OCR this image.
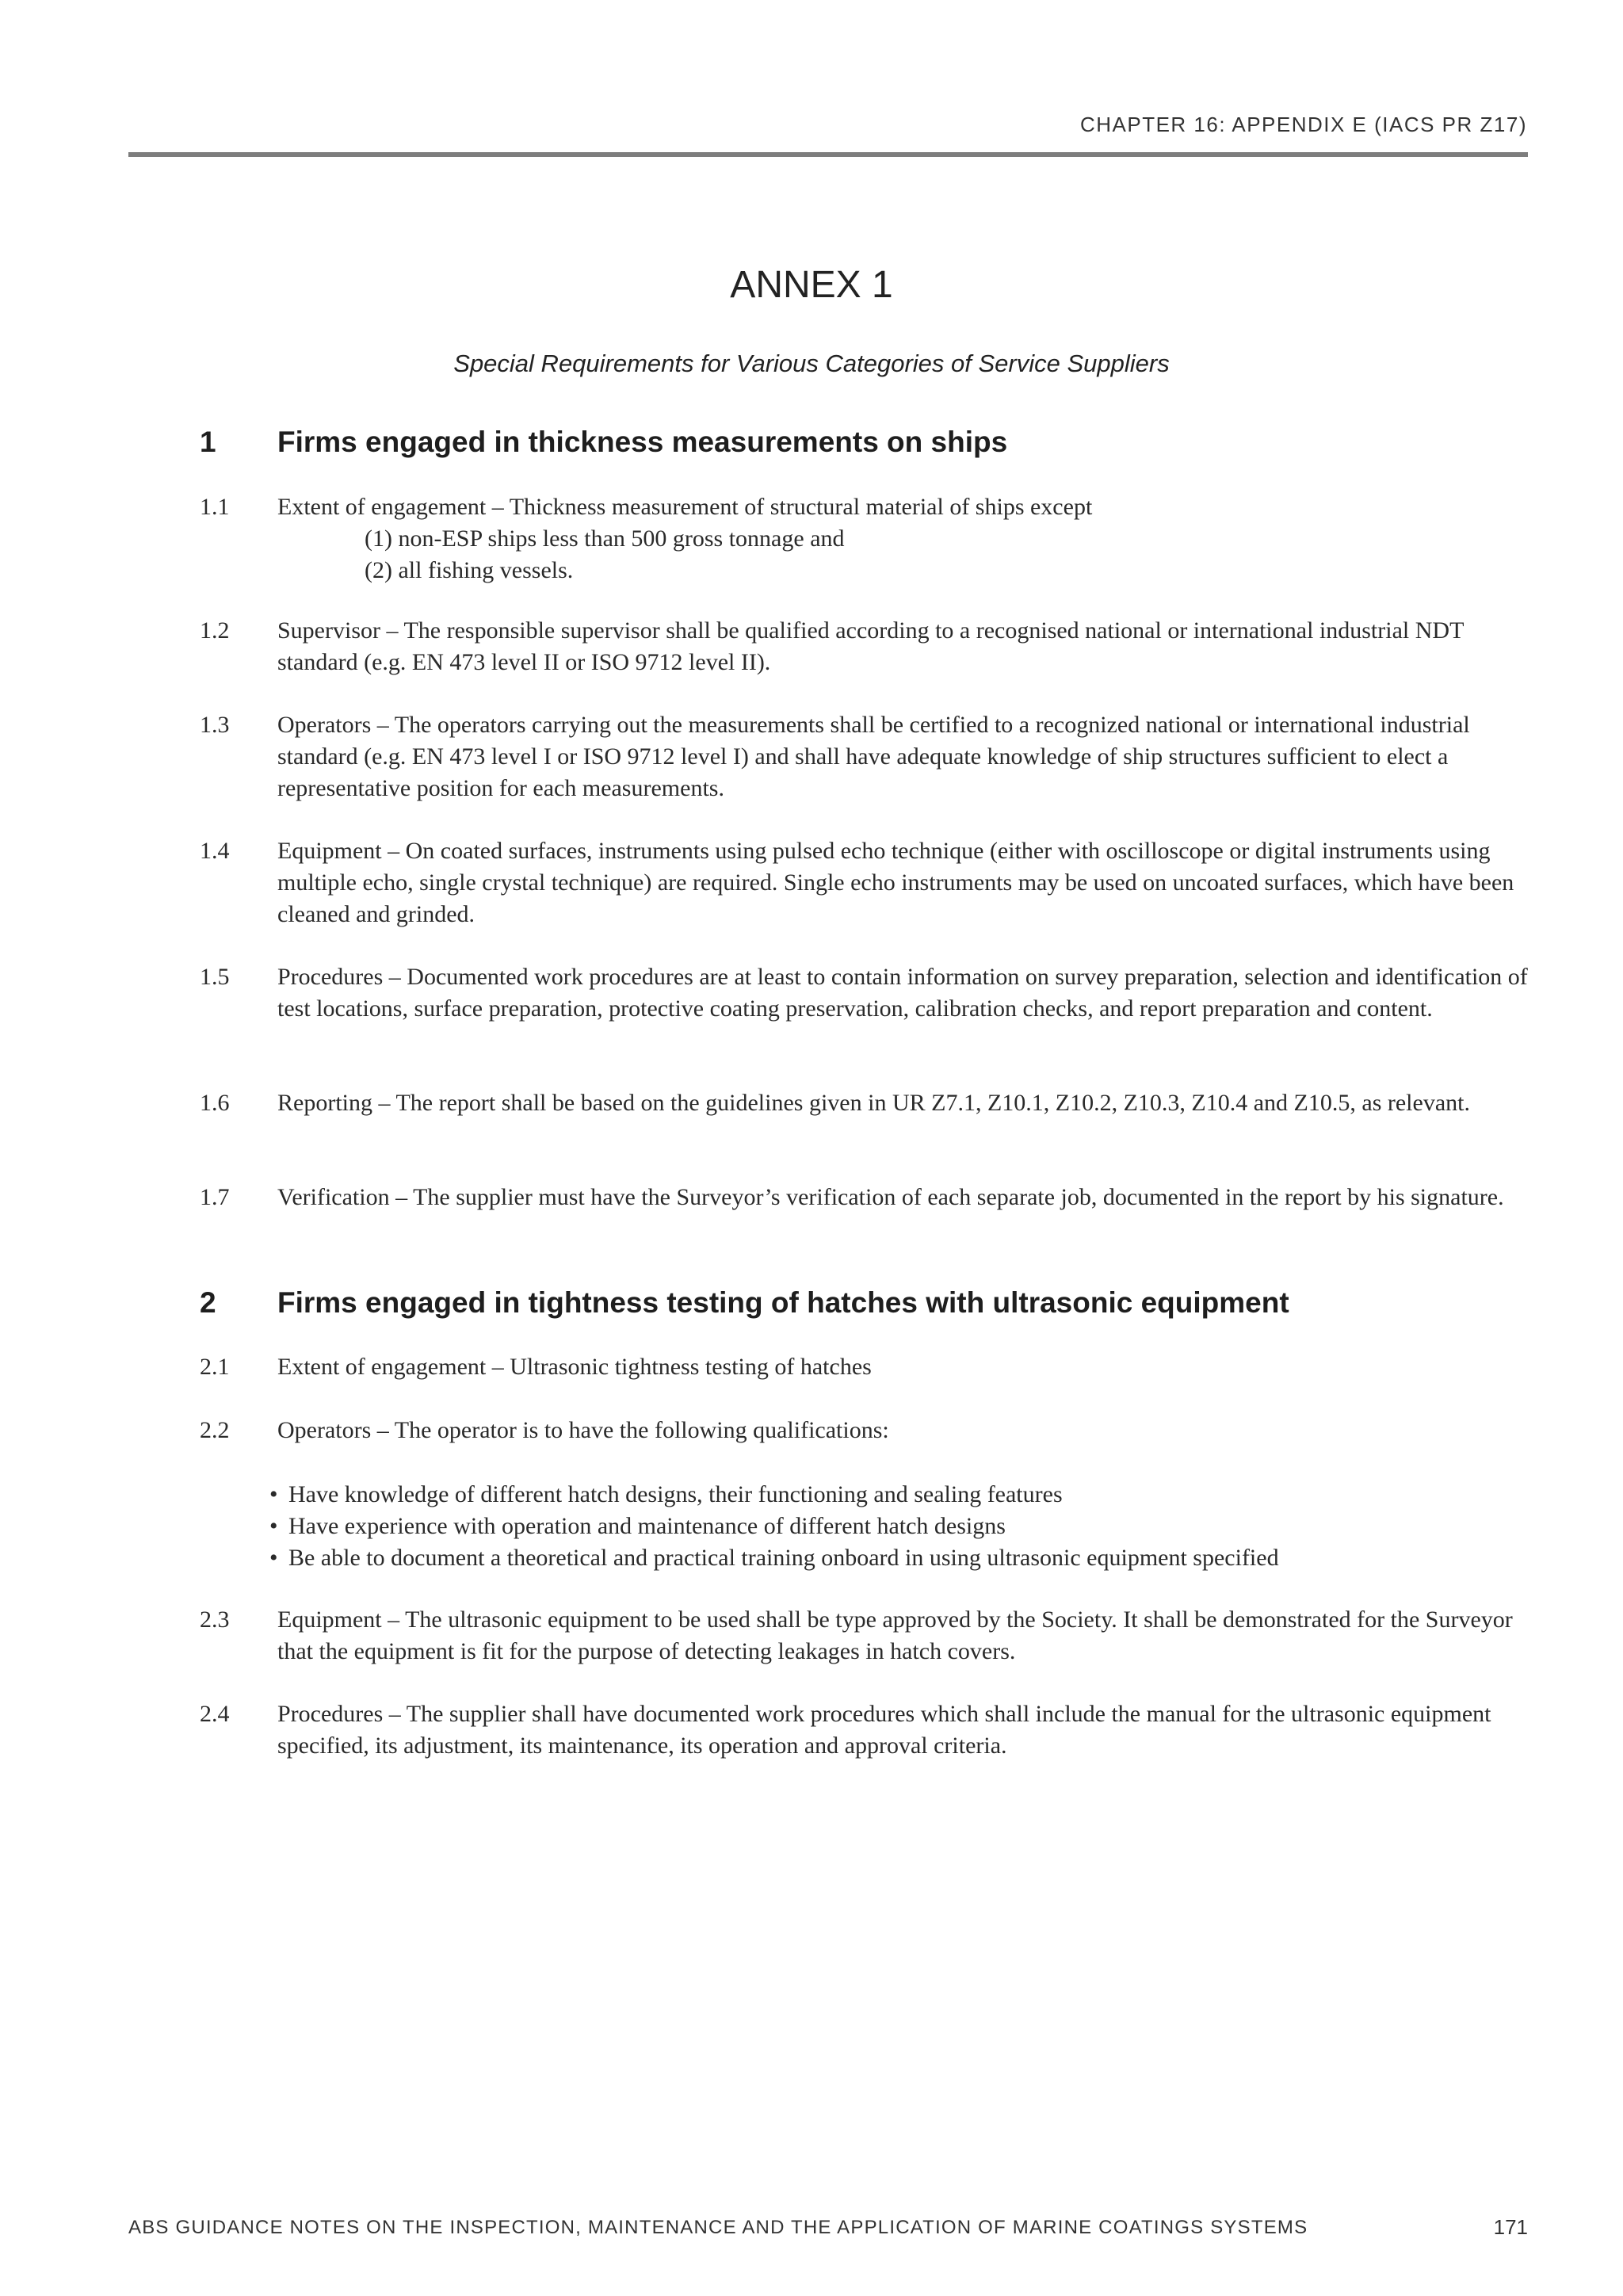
CHAPTER 16: APPENDIX E (IACS PR Z17)
ANNEX 1
Special Requirements for Various Categories of Service Suppliers
1 Firms engaged in thickness measurements on ships
1.1 Extent of engagement – Thickness measurement of structural material of ships except
(1) non-ESP ships less than 500 gross tonnage and
(2) all fishing vessels.
1.2 Supervisor – The responsible supervisor shall be qualified according to a recognised national or international industrial NDT standard (e.g. EN 473 level II or ISO 9712 level II).
1.3 Operators – The operators carrying out the measurements shall be certified to a recognized national or international industrial standard (e.g. EN 473 level I or ISO 9712 level I) and shall have adequate knowledge of ship structures sufficient to elect a representative position for each measurements.
1.4 Equipment – On coated surfaces, instruments using pulsed echo technique (either with oscilloscope or digital instruments using multiple echo, single crystal technique) are required. Single echo instruments may be used on uncoated surfaces, which have been cleaned and grinded.
1.5 Procedures – Documented work procedures are at least to contain information on survey preparation, selection and identification of test locations, surface preparation, protective coating preservation, calibration checks, and report preparation and content.
1.6 Reporting – The report shall be based on the guidelines given in UR Z7.1, Z10.1, Z10.2, Z10.3, Z10.4 and Z10.5, as relevant.
1.7 Verification – The supplier must have the Surveyor’s verification of each separate job, documented in the report by his signature.
2 Firms engaged in tightness testing of hatches with ultrasonic equipment
2.1 Extent of engagement – Ultrasonic tightness testing of hatches
2.2 Operators – The operator is to have the following qualifications:
• Have knowledge of different hatch designs, their functioning and sealing features
• Have experience with operation and maintenance of different hatch designs
• Be able to document a theoretical and practical training onboard in using ultrasonic equipment specified
2.3 Equipment – The ultrasonic equipment to be used shall be type approved by the Society. It shall be demonstrated for the Surveyor that the equipment is fit for the purpose of detecting leakages in hatch covers.
2.4 Procedures – The supplier shall have documented work procedures which shall include the manual for the ultrasonic equipment specified, its adjustment, its maintenance, its operation and approval criteria.
ABS GUIDANCE NOTES ON THE INSPECTION, MAINTENANCE AND THE APPLICATION OF MARINE COATINGS SYSTEMS	171
